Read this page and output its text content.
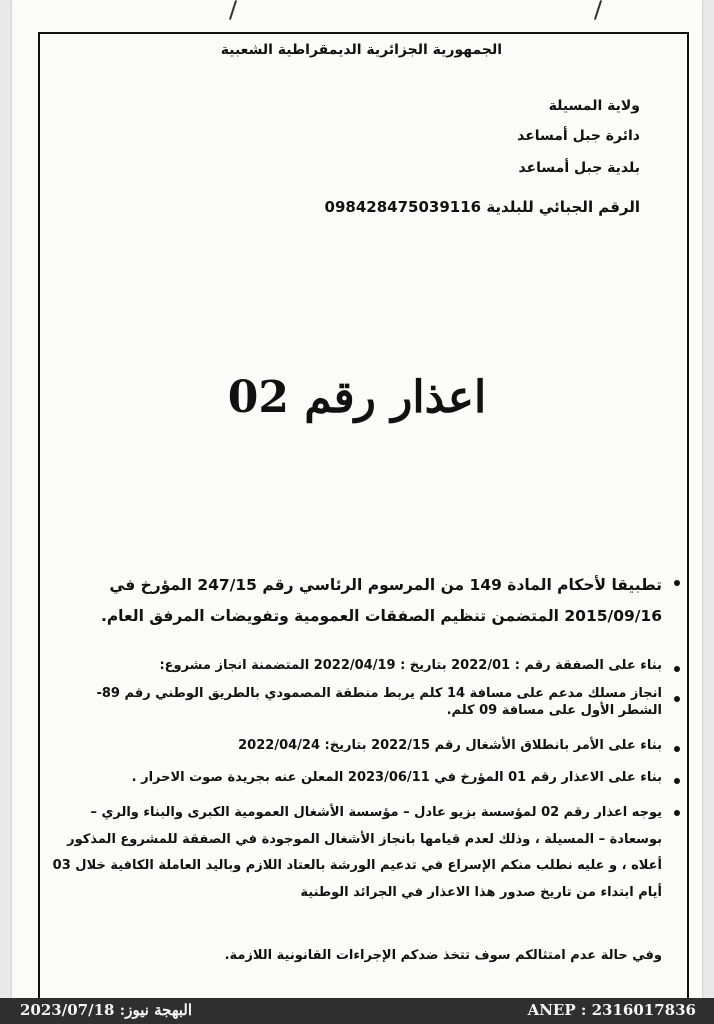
الجمهورية الجزائرية الديمقراطية الشعبية
ولاية المسيلة
دائرة جبل أمساعد
بلدية جبل أمساعد
الرقم الجبائي للبلدية 09842847503911​6
اعذار رقم 02
تطبيقا لأحكام المادة 149 من المرسوم الرئاسي رقم 247/15 المؤرخ في 2015/09/16 المتضمن تنظيم الصفقات العمومية وتفويضات المرفق العام.
بناء على الصفقة رقم : 2022/01 بتاريخ : 2022/04/19 المتضمنة انجاز مشروع:
انجاز مسلك مدعم على مسافة 14 كلم يربط منطقة المصمودي بالطريق الوطني رقم 89- الشطر الأول على مسافة 09 كلم.
بناء على الأمر بانطلاق الأشغال رقم 2022/15 بتاريخ: 2022/04/24
بناء على الاعذار رقم 01 المؤرخ في 2023/06/11 المعلن عنه بجريدة صوت الاحرار .
يوجه اعذار رقم 02 لمؤسسة بزيو عادل – مؤسسة الأشغال العمومية الكبرى والبناء والري – بوسعادة – المسيلة ، وذلك لعدم قيامها بانجاز الأشغال الموجودة في الصفقة للمشروع المذكور أعلاه ، و عليه نطلب منكم الإسراع في تدعيم الورشة بالعتاد اللازم وباليد العاملة الكافية خلال 03 أيام ابتداء من تاريخ صدور هذا الاعذار في الجرائد الوطنية
وفي حالة عدم امتثالكم سوف تتخذ ضدكم الإجراءات القانونية اللازمة.
البهجة نيوز: 2023/07/18	ANEP : 2316017836
